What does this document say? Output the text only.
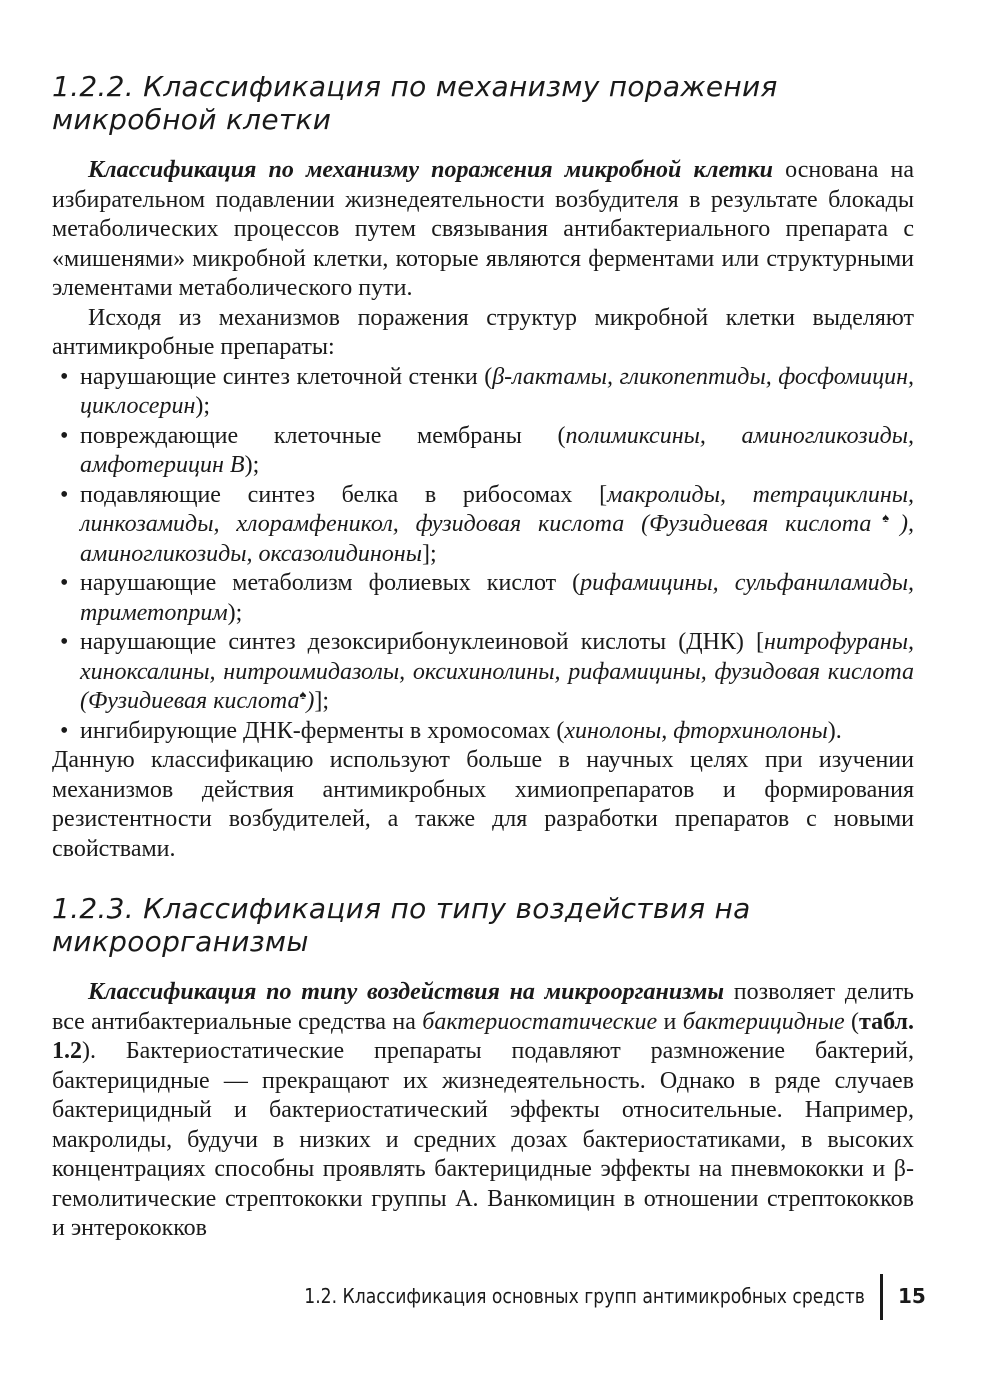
1.2.2. Классификация по механизму поражения микробной клетки

Классификация по механизму поражения микробной клетки основана на избирательном подавлении жизнедеятельности возбудителя в результате блокады метаболических процессов путем связывания антибактериального препарата с «мишенями» микробной клетки, которые являются ферментами или структурными элементами метаболического пути.

Исходя из механизмов поражения структур микробной клетки выделяют антимикробные препараты:

• нарушающие синтез клеточной стенки (β-лактамы, гликопептиды, фосфомицин, циклосерин);
• повреждающие клеточные мембраны (полимиксины, аминогликозиды, амфотерицин В);
• подавляющие синтез белка в рибосомах [макролиды, тетрациклины, линкозамиды, хлорамфеникол, фузидовая кислота (Фузидиевая кислота♠), аминогликозиды, оксазолидиноны];
• нарушающие метаболизм фолиевых кислот (рифамицины, сульфаниламиды, триметоприм);
• нарушающие синтез дезоксирибонуклеиновой кислоты (ДНК) [нитрофураны, хиноксалины, нитроимидазолы, оксихинолины, рифамицины, фузидовая кислота (Фузидиевая кислота♠)];
• ингибирующие ДНК-ферменты в хромосомах (хинолоны, фторхинолоны).

Данную классификацию используют больше в научных целях при изучении механизмов действия антимикробных химиопрепаратов и формирования резистентности возбудителей, а также для разработки препаратов с новыми свойствами.

1.2.3. Классификация по типу воздействия на микроорганизмы

Классификация по типу воздействия на микроорганизмы позволяет делить все антибактериальные средства на бактериостатические и бактерицидные (табл. 1.2). Бактериостатические препараты подавляют размножение бактерий, бактерицидные — прекращают их жизнедеятельность. Однако в ряде случаев бактерицидный и бактериостатический эффекты относительные. Например, макролиды, будучи в низких и средних дозах бактериостатиками, в высоких концентрациях способны проявлять бактерицидные эффекты на пневмококки и β-гемолитические стрептококки группы А. Ванкомицин в отношении стрептококков и энтерококков

1.2. Классификация основных групп антимикробных средств 15
